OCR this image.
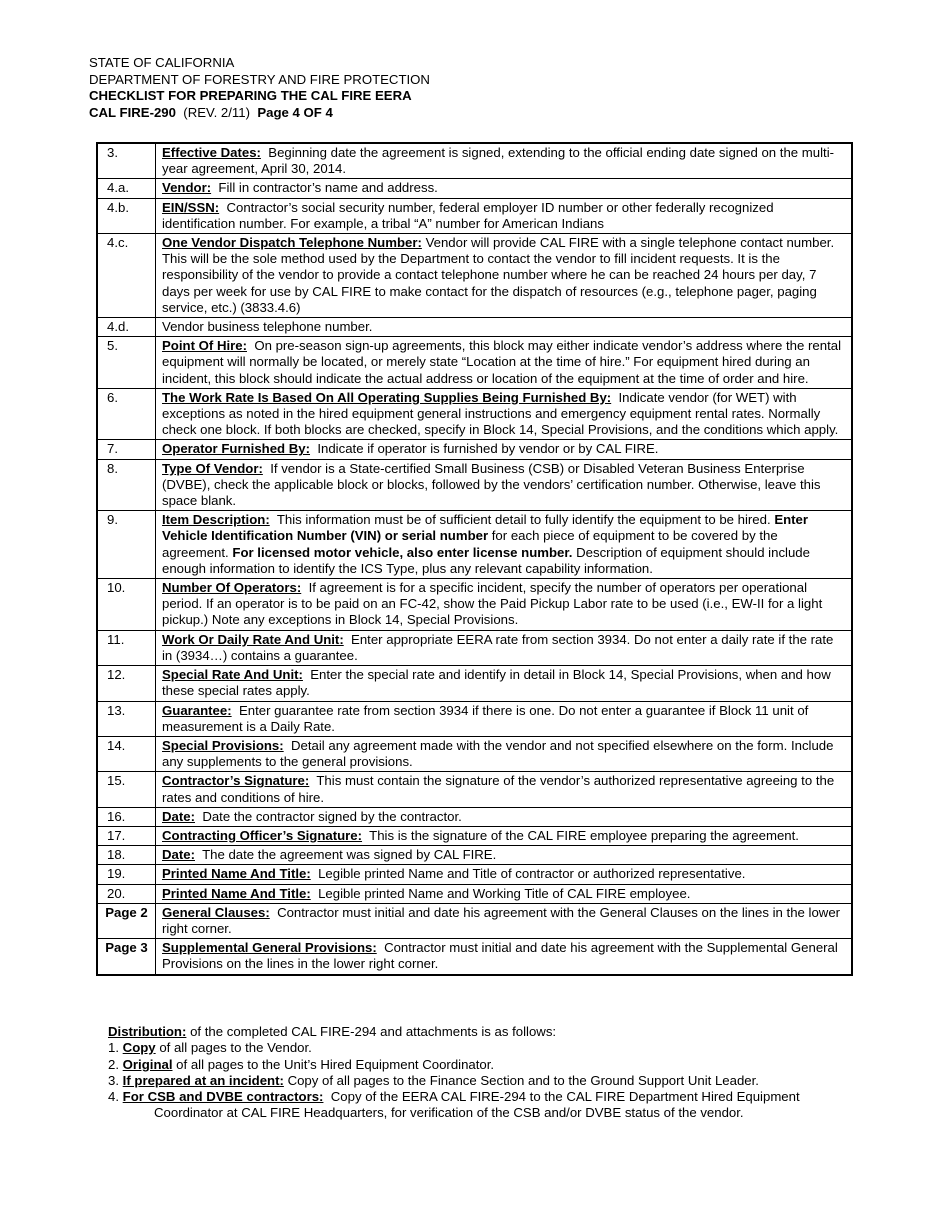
STATE OF CALIFORNIA
DEPARTMENT OF FORESTRY AND FIRE PROTECTION
CHECKLIST FOR PREPARING THE CAL FIRE EERA
CAL FIRE-290 (REV. 2/11) Page 4 OF 4
3.	Effective Dates: Beginning date the agreement is signed, extending to the official ending date signed on the multi-year agreement, April 30, 2014.
4.a.	Vendor: Fill in contractor’s name and address.
4.b.	EIN/SSN: Contractor’s social security number, federal employer ID number or other federally recognized identification number. For example, a tribal “A” number for American Indians
4.c.	One Vendor Dispatch Telephone Number: Vendor will provide CAL FIRE with a single telephone contact number. This will be the sole method used by the Department to contact the vendor to fill incident requests. It is the responsibility of the vendor to provide a contact telephone number where he can be reached 24 hours per day, 7 days per week for use by CAL FIRE to make contact for the dispatch of resources (e.g., telephone pager, paging service, etc.) (3833.4.6)
4.d.	Vendor business telephone number.
5.	Point Of Hire: On pre-season sign-up agreements, this block may either indicate vendor’s address where the rental equipment will normally be located, or merely state “Location at the time of hire.” For equipment hired during an incident, this block should indicate the actual address or location of the equipment at the time of order and hire.
6.	The Work Rate Is Based On All Operating Supplies Being Furnished By: Indicate vendor (for WET) with exceptions as noted in the hired equipment general instructions and emergency equipment rental rates. Normally check one block. If both blocks are checked, specify in Block 14, Special Provisions, and the conditions which apply.
7.	Operator Furnished By: Indicate if operator is furnished by vendor or by CAL FIRE.
8.	Type Of Vendor: If vendor is a State-certified Small Business (CSB) or Disabled Veteran Business Enterprise (DVBE), check the applicable block or blocks, followed by the vendors’ certification number. Otherwise, leave this space blank.
9.	Item Description: This information must be of sufficient detail to fully identify the equipment to be hired. Enter Vehicle Identification Number (VIN) or serial number for each piece of equipment to be covered by the agreement. For licensed motor vehicle, also enter license number. Description of equipment should include enough information to identify the ICS Type, plus any relevant capability information.
10.	Number Of Operators: If agreement is for a specific incident, specify the number of operators per operational period. If an operator is to be paid on an FC-42, show the Paid Pickup Labor rate to be used (i.e., EW-II for a light pickup.) Note any exceptions in Block 14, Special Provisions.
11.	Work Or Daily Rate And Unit: Enter appropriate EERA rate from section 3934. Do not enter a daily rate if the rate in (3934…) contains a guarantee.
12.	Special Rate And Unit: Enter the special rate and identify in detail in Block 14, Special Provisions, when and how these special rates apply.
13.	Guarantee: Enter guarantee rate from section 3934 if there is one. Do not enter a guarantee if Block 11 unit of measurement is a Daily Rate.
14.	Special Provisions: Detail any agreement made with the vendor and not specified elsewhere on the form. Include any supplements to the general provisions.
15.	Contractor’s Signature: This must contain the signature of the vendor’s authorized representative agreeing to the rates and conditions of hire.
16.	Date: Date the contractor signed by the contractor.
17.	Contracting Officer’s Signature: This is the signature of the CAL FIRE employee preparing the agreement.
18.	Date: The date the agreement was signed by CAL FIRE.
19.	Printed Name And Title: Legible printed Name and Title of contractor or authorized representative.
20.	Printed Name And Title: Legible printed Name and Working Title of CAL FIRE employee.
Page 2	General Clauses: Contractor must initial and date his agreement with the General Clauses on the lines in the lower right corner.
Page 3	Supplemental General Provisions: Contractor must initial and date his agreement with the Supplemental General Provisions on the lines in the lower right corner.
Distribution: of the completed CAL FIRE-294 and attachments is as follows:
1. Copy of all pages to the Vendor.
2. Original of all pages to the Unit’s Hired Equipment Coordinator.
3. If prepared at an incident: Copy of all pages to the Finance Section and to the Ground Support Unit Leader.
4. For CSB and DVBE contractors: Copy of the EERA CAL FIRE-294 to the CAL FIRE Department Hired Equipment
Coordinator at CAL FIRE Headquarters, for verification of the CSB and/or DVBE status of the vendor.
